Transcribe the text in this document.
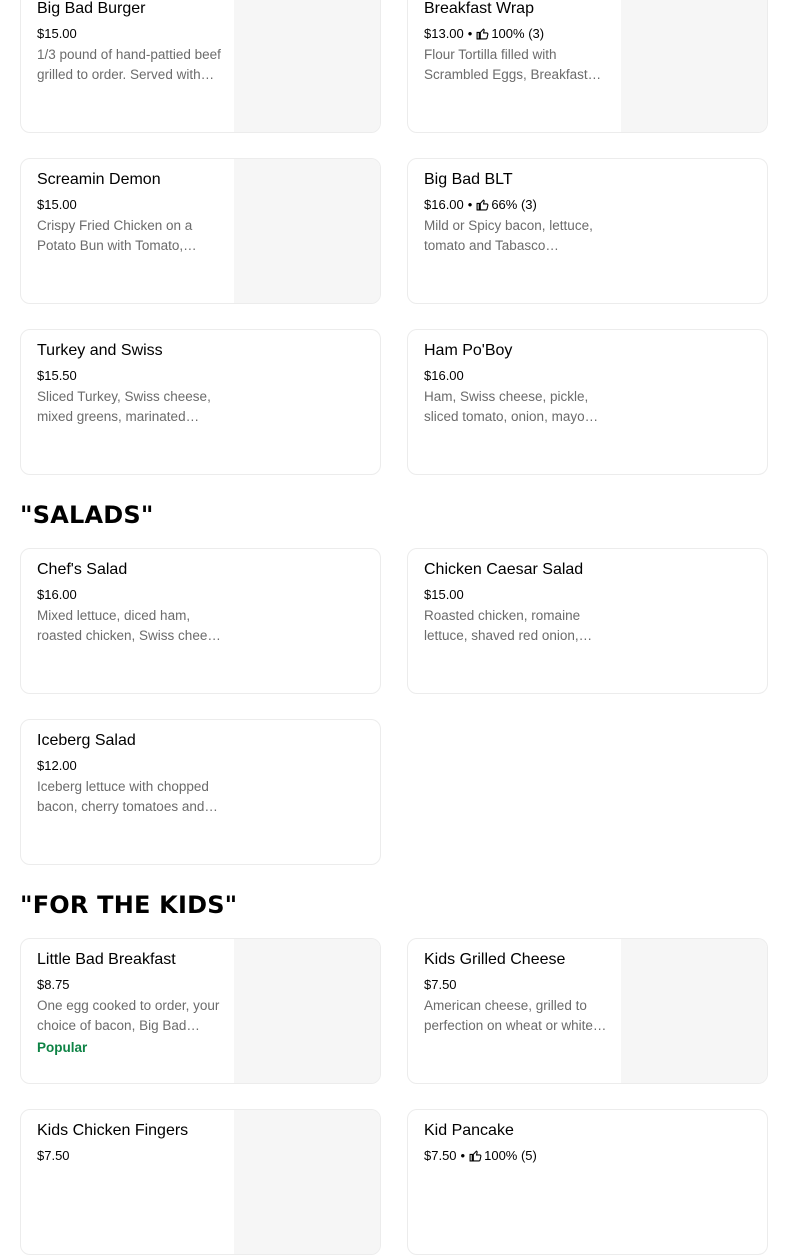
Big Bad Burger
$15.00
1/3 pound of hand-pattied beef grilled to order. Served with
Breakfast Wrap
$13.00 • 100% (3)
Flour Tortilla filled with Scrambled Eggs, Breakfast
Screamin Demon
$15.00
Crispy Fried Chicken on a Potato Bun with Tomato,
Big Bad BLT
$16.00 • 66% (3)
Mild or Spicy bacon, lettuce, tomato and Tabasco
Turkey and Swiss
$15.50
Sliced Turkey, Swiss cheese, mixed greens, marinated
Ham Po'Boy
$16.00
Ham, Swiss cheese, pickle, sliced tomato, onion, mayo
"SALADS"
Chef's Salad
$16.00
Mixed lettuce, diced ham, roasted chicken, Swiss cheese
Chicken Caesar Salad
$15.00
Roasted chicken, romaine lettuce, shaved red onion,
Iceberg Salad
$12.00
Iceberg lettuce with chopped bacon, cherry tomatoes and
"FOR THE KIDS"
Little Bad Breakfast
$8.75
One egg cooked to order, your choice of bacon, Big Bad
Popular
Kids Grilled Cheese
$7.50
American cheese, grilled to perfection on wheat or white
Kids Chicken Fingers
$7.50
Kid Pancake
$7.50 • 100% (5)
